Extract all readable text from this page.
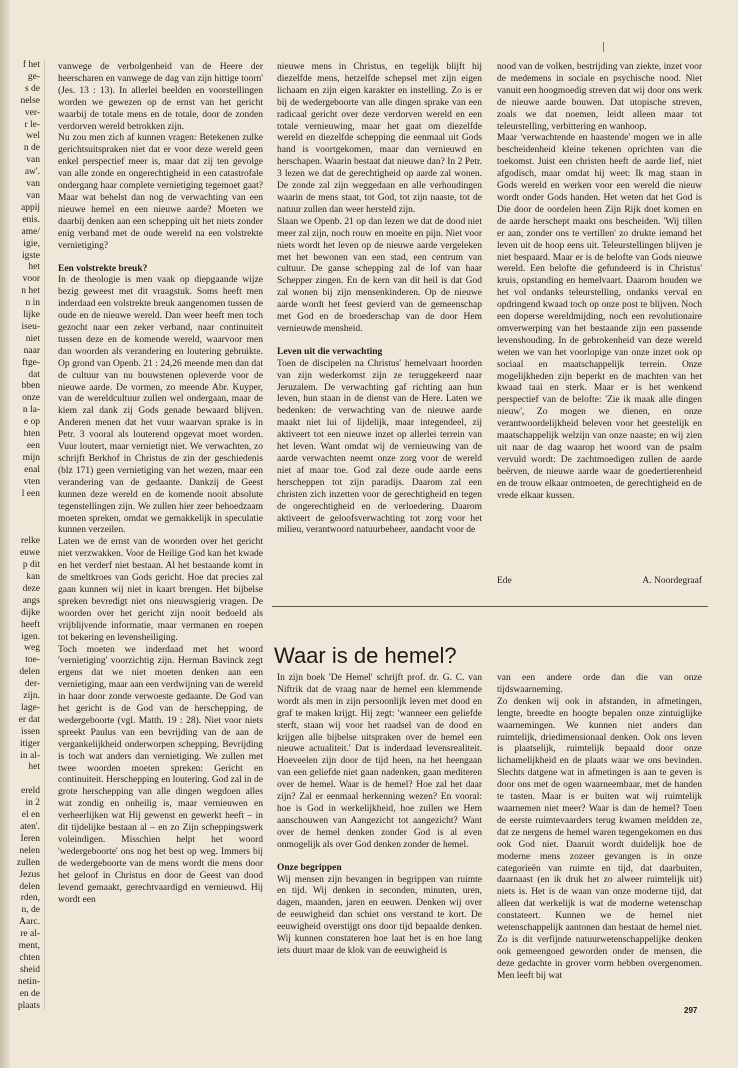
f het
ge-
s de
nelse
ver-
r le-
wel
n de
van
aw'.
van
van
appij
enis.
ame/
igie,
igste
het
voor
n het
n in
lijke
iseu-
niet
naar
ftge-
dat
bben
onze
n la-
e op
hten
een
mijn
enal
vten
l een

relke
euwe
p dit
kan
deze
angs
dijke
heeft
igen.
weg
toe-
delen
der-
zijn.
lage-
er dat
issen
itiger
in al-
het

ereld
in 2
el en
aten'.
Ieren
nelen
zullen
Jezus
delen
rden,
n, de
Aarc.
re al-
ment,
chten
sheid
netin-
en de
plaats

vanwege de verbolgenheid van de Heere der heerscharen en vanwege de dag van zijn hittige toorn' (Jes. 13 : 13). In allerlei beelden en voorstellingen worden we gewezen op de ernst van het gericht waarbij de totale mens en de totale, door de zonden verdorven wereld betrokken zijn.

Nu zou men zich af kunnen vragen: Betekenen zulke gerichtsuitspraken niet dat er voor deze wereld geen enkel perspectief meer is, maar dat zij ten gevolge van alle zonde en ongerechtigheid in een catastrofale ondergang haar complete vernietiging tegemoet gaat? Maar wat behelst dan nog de verwachting van een nieuwe hemel en een nieuwe aarde? Moeten we daarbij denken aan een schepping uit het niets zonder enig verband met de oude wereld na een volstrekte vernietiging?

Een volstrekte breuk?

In de theologie is men vaak op diepgaande wijze bezig geweest met dit vraagstuk. Soms heeft men inderdaad een volstrekte breuk aangenomen tussen de oude en de nieuwe wereld. Dan weer heeft men toch gezocht naar een zeker verband, naar continuiteit tussen deze en de komende wereld, waarvoor men dan woorden als verandering en loutering gebruikte. Op grond van Openb. 21 : 24,26 meende men dan dat de cultuur van nu bouwstenen opleverde voor de nieuwe aarde. De vormen, zo meende Abr. Kuyper, van de wereldcultuur zullen wel ondergaan, maar de kiem zal dank zij Gods genade bewaard blijven. Anderen menen dat het vuur waarvan sprake is in Petr. 3 vooral als louterend opgevat moet worden. Vuur loutert, maar vernietigt niet. We verwachten, zo schrijft Berkhof in Christus de zin der geschiedenis (blz 171) geen vernietiging van het wezen, maar een verandering van de gedaante. Dankzij de Geest kunnen deze wereld en de komende nooit absolute tegenstellingen zijn. We zullen hier zeer behoedzaam moeten spreken, omdat we gemakkelijk in speculatie kunnen verzeilen.

Laten we de ernst van de woorden over het gericht niet verzwakken. Voor de Heilige God kan het kwade en het verderf niet bestaan. Al het bestaande komt in de smeltkroes van Gods gericht. Hoe dat precies zal gaan kunnen wij niet in kaart brengen. Het bijbelse spreken bevredigt niet ons nieuwsgierig vragen. De woorden over het gericht zijn nooit bedoeld als vrijblijvende informatie, maar vermanen en roepen tot bekering en levensheiliging.

Toch moeten we inderdaad met het woord 'vernietiging' voorzichtig zijn. Herman Bavinck zegt ergens dat we niet moeten denken aan een vernietiging, maar aan een verdwijning van de wereld in haar door zonde verwoeste gedaante. De God van het gericht is de God van de herschepping, de wedergeboorte (vgl. Matth. 19 : 28). Niet voor niets spreekt Paulus van een bevrijding van de aan de vergankelijkheid onderworpen schepping. Bevrijding is toch wat anders dan vernietiging. We zullen met twee woorden moeten spreken: Gericht en continuiteit. Herschepping en loutering. God zal in de grote herschepping van alle dingen wegdoen alles wat zondig en onheilig is, maar vernieuwen en verheerlijken wat Hij gewenst en gewerkt heeft – in dit tijdelijke bestaan al – en zo Zijn scheppingswerk voleindigen. Misschien helpt het woord 'wedergeboorte' ons nog het best op weg. Immers bij de wedergeboorte van de mens wordt die mens door het geloof in Christus en door de Geest van dood levend gemaakt, gerechtvaardigd en vernieuwd. Hij wordt een

nieuwe mens in Christus, en tegelijk blijft hij diezelfde mens, hetzelfde schepsel met zijn eigen lichaam en zijn eigen karakter en instelling. Zo is er bij de wedergeboorte van alle dingen sprake van een radicaal gericht over deze verdorven wereld en een totale vernieuwing, maar het gaat om diezelfde wereld en diezelfde schepping die eenmaal uit Gods hand is voortgekomen, maar dan vernieuwd en herschapen. Waarin bestaat dat nieuwe dan? In 2 Petr. 3 lezen we dat de gerechtigheid op aarde zal wonen. De zonde zal zijn weggedaan en alle verhoudingen waarin de mens staat, tot God, tot zijn naaste, tot de natuur zullen dan weer hersteld zijn.

Slaan we Openb. 21 op dan lezen we dat de dood niet meer zal zijn, noch rouw en moeite en pijn. Niet voor niets wordt het leven op de nieuwe aarde vergeleken met het bewonen van een stad, een centrum van cultuur. De ganse schepping zal de lof van haar Schepper zingen. En de kern van dit heil is dat God zal wonen bij zijn mensenkinderen. Op de nieuwe aarde wordt het feest gevierd van de gemeenschap met God en de broederschap van de door Hem vernieuwde mensheid.

Leven uit die verwachting

Toen de discipelen na Christus' hemelvaart hoorden van zijn wederkomst zijn ze teruggekeerd naar Jeruzalem. De verwachting gaf richting aan hun leven, hun staan in de dienst van de Here. Laten we bedenken: de verwachting van de nieuwe aarde maakt niet lui of lijdelijk, maar integendeel, zij aktiveert tot een nieuwe inzet op allerlei terrein van het leven. Want omdat wij de vernieuwing van de aarde verwachten neemt onze zorg voor de wereld niet af maar toe. God zal deze oude aarde eens herscheppen tot zijn paradijs. Daarom zal een christen zich inzetten voor de gerechtigheid en tegen de ongerechtigheid en de verloedering. Daarom aktiveert de geloofsverwachting tot zorg voor het milieu, verantwoord natuurbeheer, aandacht voor de

nood van de volken, bestrijding van ziekte, inzet voor de medemens in sociale en psychische nood. Niet vanuit een hoogmoedig streven dat wij door ons werk de nieuwe aarde bouwen. Dat utopische streven, zoals we dat noemen, leidt alleen maar tot teleurstelling, verbittering en wanhoop.

Maar 'verwachtende en haastende' mogen we in alle bescheidenheid kleine tekenen oprichten van die toekomst. Juist een christen heeft de aarde lief, niet afgodisch, maar omdat hij weet: Ik mag staan in Gods wereld en werken voor een wereld die nieuw wordt onder Gods handen. Het weten dat het God is Die door de oordelen heen Zijn Rijk doet komen en de aarde herschept maakt ons bescheiden. 'Wij tillen er aan, zonder ons te vertillen' zo drukte iemand het leven uit de hoop eens uit. Teleurstellingen blijven je niet bespaard. Maar er is de belofte van Gods nieuwe wereld. Een belofte die gefundeerd is in Christus' kruis, opstanding en hemelvaart. Daarom houden we het vol ondanks teleurstelling, ondanks verval en opdringend kwaad toch op onze post te blijven. Noch een doperse wereldmijding, noch een revolutionaire omverwerping van het bestaande zijn een passende levenshouding. In de gebrokenheid van deze wereld weten we van het voorlopige van onze inzet ook op sociaal en maatschappelijk terrein. Onze mogelijkheden zijn beperkt en de machten van het kwaad taai en sterk. Maar er is het wenkend perspectief van de belofte: 'Zie ik maak alle dingen nieuw', Zo mogen we dienen, en onze verantwoordelijkheid beleven voor het geestelijk en maatschappelijk welzijn van onze naaste; en wij zien uit naar de dag waarop het woord van de psalm vervuld wordt: De zachtmoedigen zullen de aarde beërven, de nieuwe aarde waar de goedertierenheid en de trouw elkaar ontmoeten, de gerechtigheid en de vrede elkaar kussen.

Ede	A. Noordegraaf
Waar is de hemel?

In zijn boek 'De Hemel' schrijft prof. dr. G. C. van Niftrik dat de vraag naar de hemel een klemmende wordt als men in zijn persoonlijk leven met dood en graf te maken krijgt. Hij zegt: 'wanneer een geliefde sterft, staan wij voor het raadsel van de dood en krijgen alle bijbelse uitspraken over de hemel een nieuwe actualiteit.' Dat is inderdaad levensrealiteit. Hoeveelen zijn door de tijd heen, na het heengaan van een geliefde niet gaan nadenken, gaan mediteren over de hemel. Waar is de hemel? Hoe zal het daar zijn? Zal er eenmaal herkenning wezen? En vooral: hoe is God in werkelijkheid, hoe zullen we Hem aanschouwen van Aangezicht tot aangezicht? Want over de hemel denken zonder God is al even onmogelijk als over God denken zonder de hemel.

Onze begrippen

Wij mensen zijn bevangen in begrippen van ruimte en tijd. Wij denken in seconden, minuten, uren, dagen, maanden, jaren en eeuwen. Denken wij over de eeuwigheid dan schiet ons verstand te kort. De eeuwigheid overstijgt ons door tijd bepaalde denken. Wij kunnen constateren hoe laat het is en hoe lang iets duurt maar de klok van de eeuwigheid is

van een andere orde dan die van onze tijdswaarneming.

Zo denken wij ook in afstanden, in afmetingen, lengte, breedte en hoogte bepalen onze zintuiglijke waarnemingen. We kunnen niet anders dan ruimtelijk, driedimensionaal denken. Ook ons leven is plaatselijk, ruimtelijk bepaald door onze lichamelijkheid en de plaats waar we ons bevinden. Slechts datgene wat in afmetingen is aan te geven is door ons met de ogen waarneembaar, met de handen te tasten. Maar is er buiten wat wij ruimtelijk waarnemen niet meer? Waar is dan de hemel? Toen de eerste ruimtevaarders terug kwamen meldden ze, dat ze nergens de hemel waren tegengekomen en dus ook God niet. Daaruit wordt duidelijk hoe de moderne mens zozeer gevangen is in onze categorieën van ruimte en tijd, dat daarbuiten, daarnaast (en ik druk het zo alweer ruimtelijk uit) niets is. Het is de waan van onze moderne tijd, dat alleen dat werkelijk is wat de moderne wetenschap constateert. Kunnen we de hemel niet wetenschappelijk aantonen dan bestaat de hemel niet. Zo is dit verfijnde natuurwetenschappelijke denken ook gemeengoed geworden onder de mensen, die deze gedachte in grover vorm hebben overgenomen. Men leeft bij wat

297
